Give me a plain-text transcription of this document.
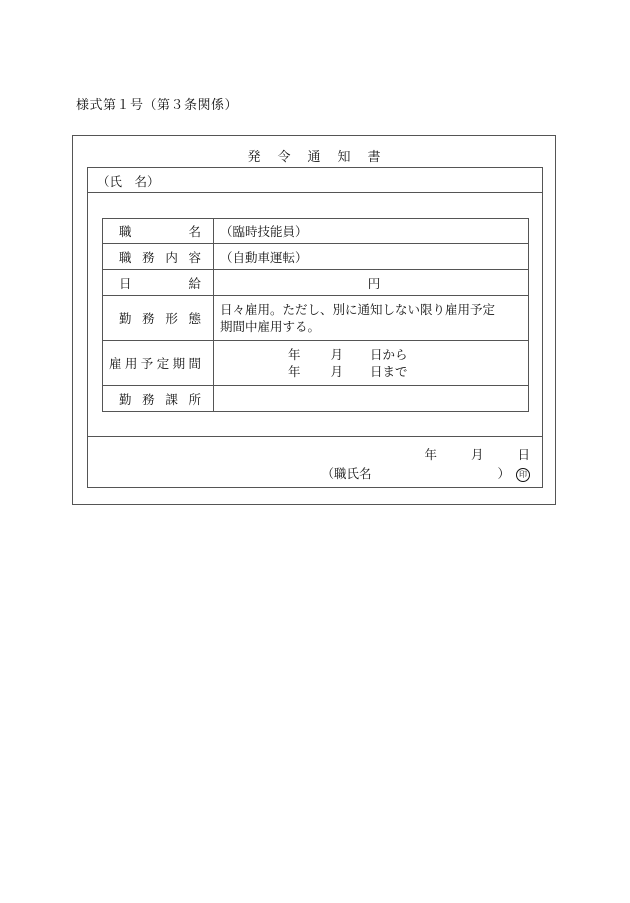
様式第１号（第３条関係）
発令通知書
（氏　名）
職名	（臨時技能員）

職務内容	（自動車運転）

日給	円

勤務形態	日々雇用。ただし、別に通知しない限り雇用予定
期間中雇用する。

雇用予定期間	年 月 日から
年 月 日まで

勤務課所	

年	月	日
（職氏名	） 印
